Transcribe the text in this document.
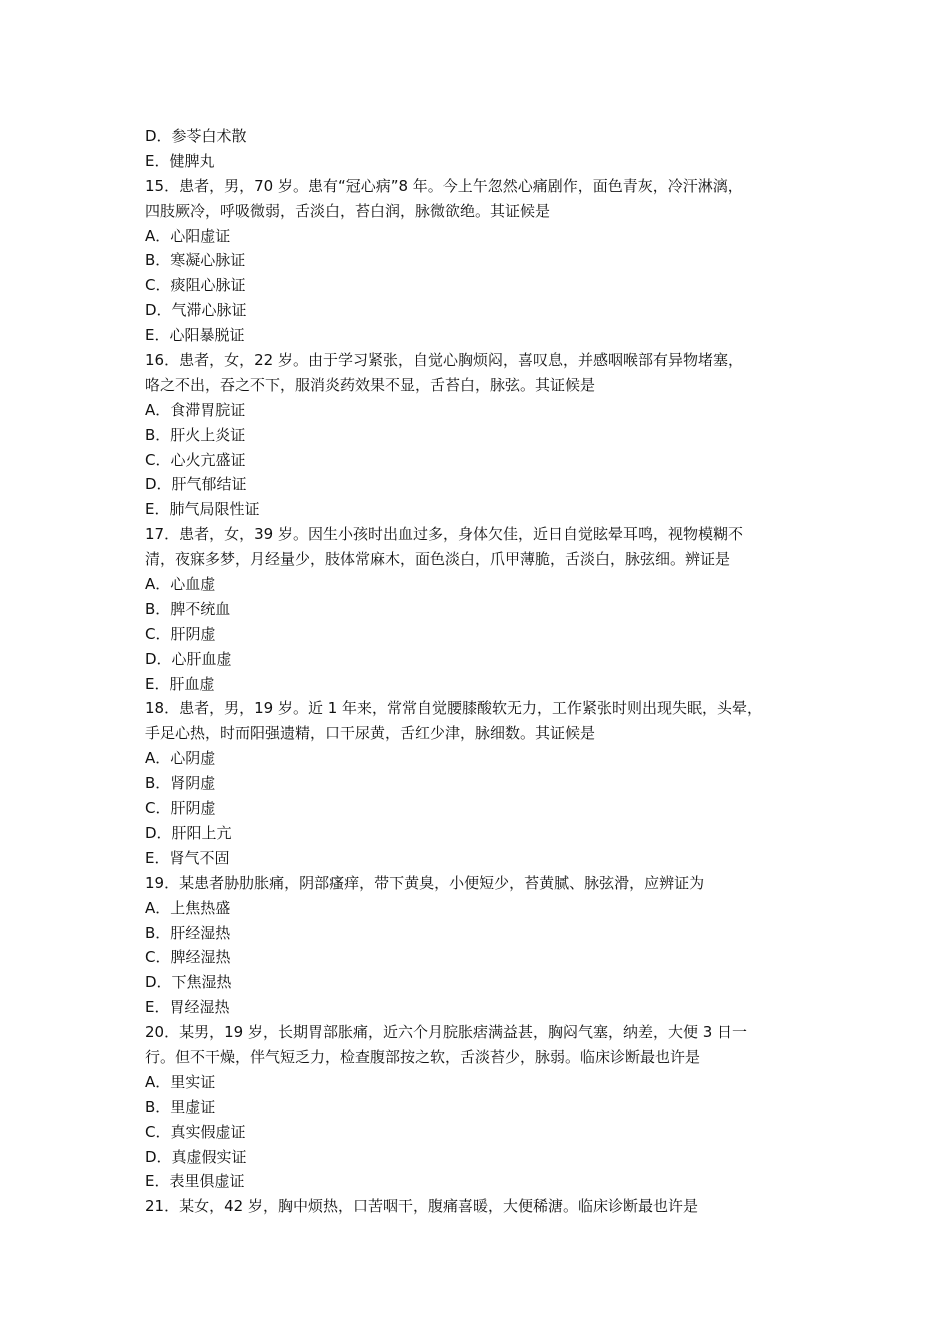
D．参苓白术散
E．健脾丸
15．患者，男，70 岁。患有“冠心病”8 年。今上午忽然心痛剧作，面色青灰，冷汗淋漓，
四肢厥冷，呼吸微弱，舌淡白，苔白润，脉微欲绝。其证候是
A．心阳虚证
B．寒凝心脉证
C．痰阻心脉证
D．气滞心脉证
E．心阳暴脱证
16．患者，女，22 岁。由于学习紧张，自觉心胸烦闷，喜叹息，并感咽喉部有异物堵塞，
咯之不出，吞之不下，服消炎药效果不显，舌苔白，脉弦。其证候是
A．食滞胃脘证
B．肝火上炎证
C．心火亢盛证
D．肝气郁结证
E．肺气局限性证
17．患者，女，39 岁。因生小孩时出血过多，身体欠佳，近日自觉眩晕耳鸣，视物模糊不
清，夜寐多梦，月经量少，肢体常麻木，面色淡白，爪甲薄脆，舌淡白，脉弦细。辨证是
A．心血虚
B．脾不统血
C．肝阴虚
D．心肝血虚
E．肝血虚
18．患者，男，19 岁。近 1 年来，常常自觉腰膝酸软无力，工作紧张时则出现失眠，头晕，
手足心热，时而阳强遗精，口干尿黄，舌红少津，脉细数。其证候是
A．心阴虚
B．肾阴虚
C．肝阴虚
D．肝阳上亢
E．肾气不固
19．某患者胁肋胀痛，阴部瘙痒，带下黄臭，小便短少，苔黄腻、脉弦滑，应辨证为
A．上焦热盛
B．肝经湿热
C．脾经湿热
D．下焦湿热
E．胃经湿热
20．某男，19 岁，长期胃部胀痛，近六个月脘胀痞满益甚，胸闷气塞，纳差，大便 3 日一
行。但不干燥，伴气短乏力，检查腹部按之软，舌淡苔少，脉弱。临床诊断最也许是
A．里实证
B．里虚证
C．真实假虚证
D．真虚假实证
E．表里俱虚证
21．某女，42 岁，胸中烦热，口苦咽干，腹痛喜暖，大便稀溏。临床诊断最也许是
